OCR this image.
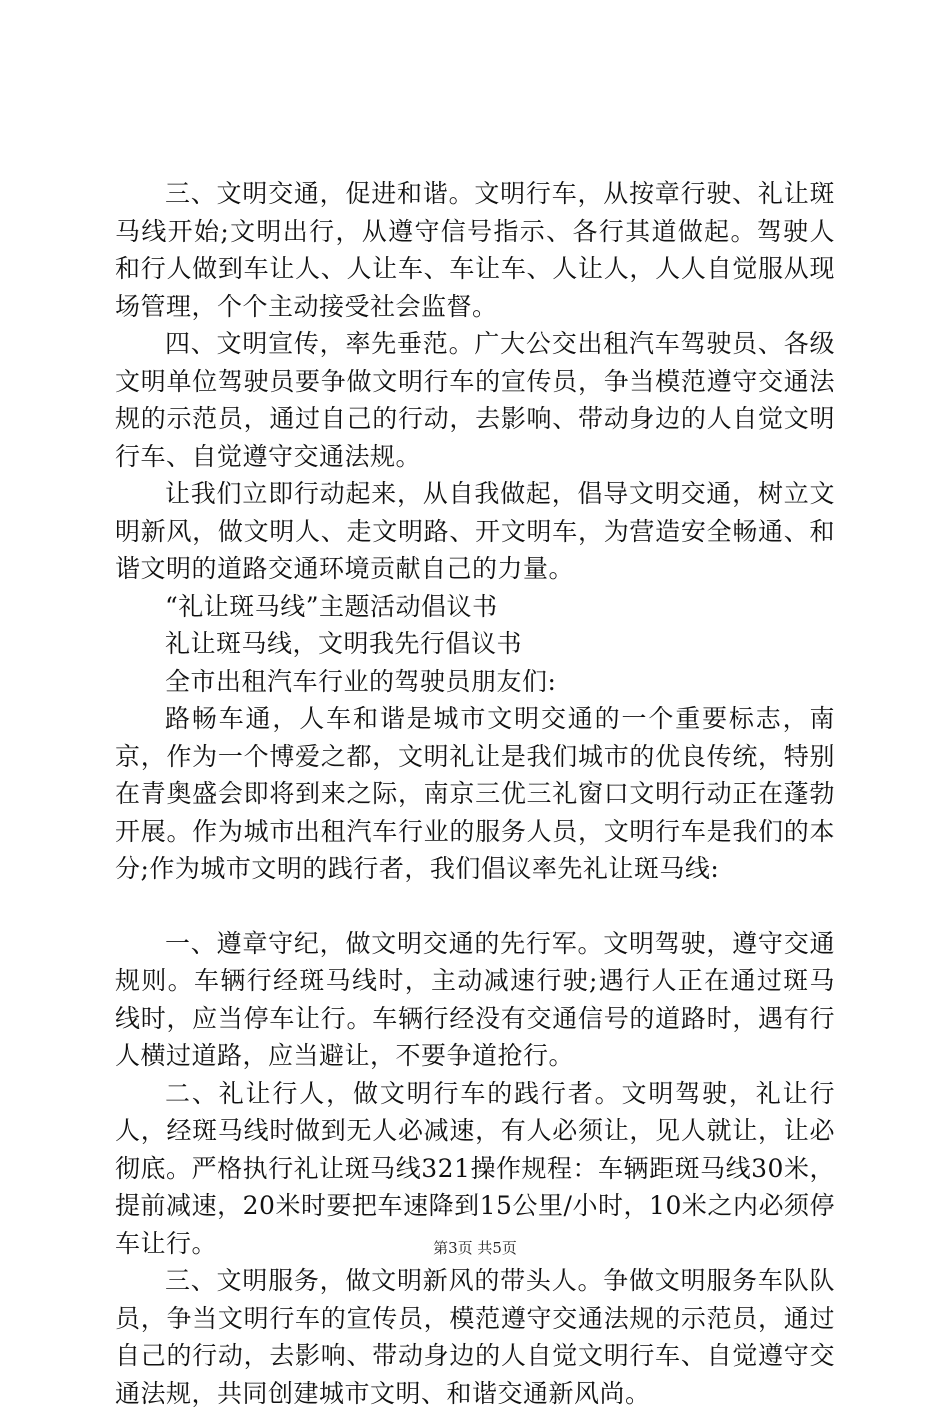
三、文明交通，促进和谐。文明行车，从按章行驶、礼让斑马线开始;文明出行，从遵守信号指示、各行其道做起。驾驶人和行人做到车让人、人让车、车让车、人让人，人人自觉服从现场管理，个个主动接受社会监督。

四、文明宣传，率先垂范。广大公交出租汽车驾驶员、各级文明单位驾驶员要争做文明行车的宣传员，争当模范遵守交通法规的示范员，通过自己的行动，去影响、带动身边的人自觉文明行车、自觉遵守交通法规。

让我们立即行动起来，从自我做起，倡导文明交通，树立文明新风，做文明人、走文明路、开文明车，为营造安全畅通、和谐文明的道路交通环境贡献自己的力量。

“礼让斑马线”主题活动倡议书

礼让斑马线，文明我先行倡议书

全市出租汽车行业的驾驶员朋友们:

路畅车通，人车和谐是城市文明交通的一个重要标志，南京，作为一个博爱之都，文明礼让是我们城市的优良传统，特别在青奥盛会即将到来之际，南京三优三礼窗口文明行动正在蓬勃开展。作为城市出租汽车行业的服务人员，文明行车是我们的本分;作为城市文明的践行者，我们倡议率先礼让斑马线:

一、遵章守纪，做文明交通的先行军。文明驾驶，遵守交通规则。车辆行经斑马线时，主动减速行驶;遇行人正在通过斑马线时，应当停车让行。车辆行经没有交通信号的道路时，遇有行人横过道路，应当避让，不要争道抢行。

二、礼让行人，做文明行车的践行者。文明驾驶，礼让行人，经斑马线时做到无人必减速，有人必须让，见人就让，让必彻底。严格执行礼让斑马线321操作规程：车辆距斑马线30米，提前减速，20米时要把车速降到15公里/小时，10米之内必须停车让行。

三、文明服务，做文明新风的带头人。争做文明服务车队队员，争当文明行车的宣传员，模范遵守交通法规的示范员，通过自己的行动，去影响、带动身边的人自觉文明行车、自觉遵守交通法规，共同创建城市文明、和谐交通新风尚。

第3页 共5页
